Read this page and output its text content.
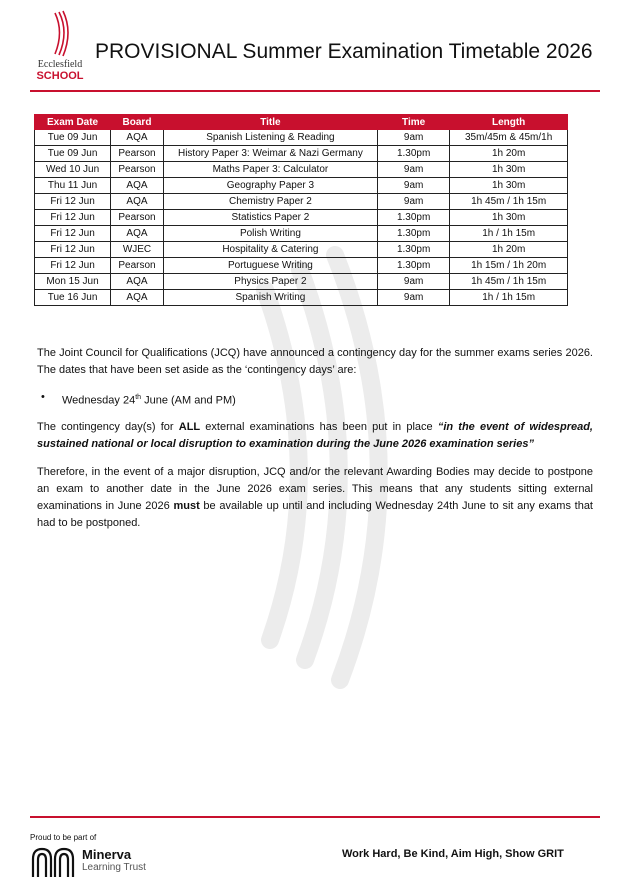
Ecclesfield
SCHOOL
PROVISIONAL Summer Examination Timetable 2026
Exam Date	Board	Title	Time	Length
Tue 09 Jun	AQA	Spanish Listening & Reading	9am	35m/45m & 45m/1h
Tue 09 Jun	Pearson	History Paper 3: Weimar & Nazi Germany	1.30pm	1h 20m
Wed 10 Jun	Pearson	Maths Paper 3: Calculator	9am	1h 30m
Thu 11 Jun	AQA	Geography Paper 3	9am	1h 30m
Fri 12 Jun	AQA	Chemistry Paper 2	9am	1h 45m / 1h 15m
Fri 12 Jun	Pearson	Statistics Paper 2	1.30pm	1h 30m
Fri 12 Jun	AQA	Polish Writing	1.30pm	1h / 1h 15m
Fri 12 Jun	WJEC	Hospitality & Catering	1.30pm	1h 20m
Fri 12 Jun	Pearson	Portuguese Writing	1.30pm	1h 15m / 1h 20m
Mon 15 Jun	AQA	Physics Paper 2	9am	1h 45m / 1h 15m
Tue 16 Jun	AQA	Spanish Writing	9am	1h / 1h 15m

The Joint Council for Qualifications (JCQ) have announced a contingency day for the summer exams series 2026. The dates that have been set aside as the ‘contingency days’ are:

• Wednesday 24th June (AM and PM)

The contingency day(s) for ALL external examinations has been put in place “in the event of widespread, sustained national or local disruption to examination during the June 2026 examination series”

Therefore, in the event of a major disruption, JCQ and/or the relevant Awarding Bodies may decide to postpone an exam to another date in the June 2026 exam series. This means that any students sitting external examinations in June 2026 must be available up until and including Wednesday 24th June to sit any exams that had to be postponed.

Proud to be part of
Minerva
Learning Trust
Work Hard, Be Kind, Aim High, Show GRIT
